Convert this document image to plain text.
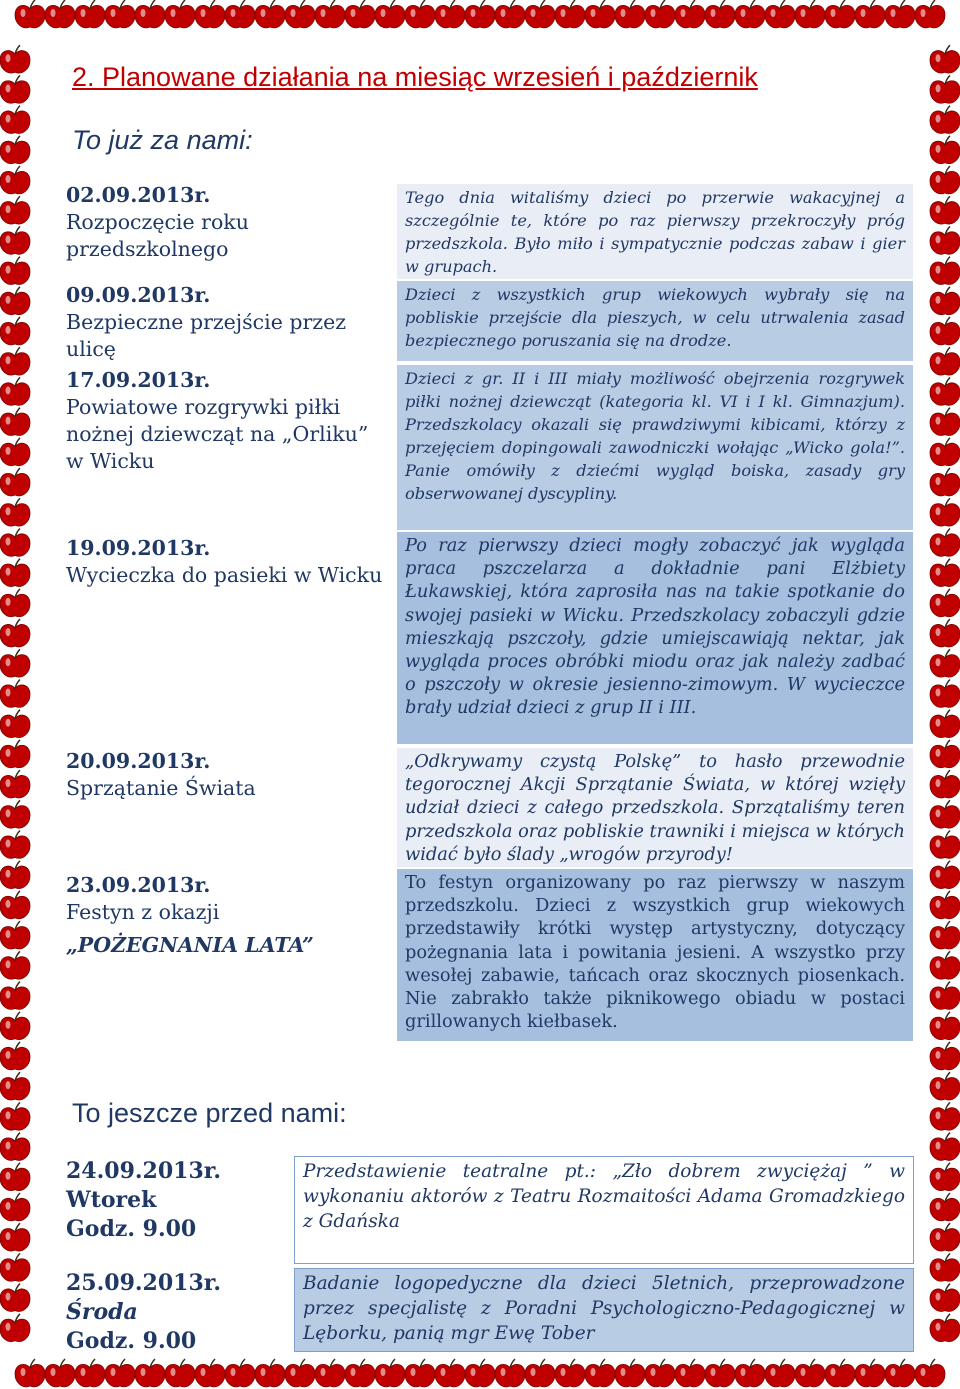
2. Planowane działania na miesiąc wrzesień i październik
To już za nami:
02.09.2013r.
Rozpoczęcie roku przedszkolnego
09.09.2013r.
Bezpieczne przejście przez ulicę
17.09.2013r.
Powiatowe rozgrywki piłki nożnej dziewcząt na „Orliku” w Wicku
19.09.2013r.
Wycieczka do pasieki w Wicku
20.09.2013r.
Sprzątanie Świata
23.09.2013r.
Festyn z okazji
„POŻEGNANIA LATA”
Tego dnia witaliśmy dzieci po przerwie wakacyjnej a szczególnie te, które po raz pierwszy przekroczyły próg przedszkola. Było miło i sympatycznie podczas zabaw i gier w grupach.
Dzieci z wszystkich grup wiekowych wybrały się na pobliskie przejście dla pieszych, w celu utrwalenia zasad bezpiecznego poruszania się na drodze.
Dzieci z gr. II i III miały możliwość obejrzenia rozgrywek piłki nożnej dziewcząt (kategoria kl. VI i I kl. Gimnazjum). Przedszkolacy okazali się prawdziwymi kibicami, którzy z przejęciem dopingowali zawodniczki wołając „Wicko gola!”. Panie omówiły z dziećmi wygląd boiska, zasady gry obserwowanej dyscypliny.
Po raz pierwszy dzieci mogły zobaczyć jak wygląda praca pszczelarza a dokładnie pani Elżbiety Łukawskiej, która zaprosiła nas na takie spotkanie do swojej pasieki w Wicku. Przedszkolacy zobaczyli gdzie mieszkają pszczoły, gdzie umiejscawiają nektar, jak wygląda proces obróbki miodu oraz jak należy zadbać o pszczoły w okresie jesienno-zimowym. W wycieczce brały udział dzieci z grup II i III.
„Odkrywamy czystą Polskę” to hasło przewodnie tegorocznej Akcji Sprzątanie Świata, w której wzięły udział dzieci z całego przedszkola. Sprzątaliśmy teren przedszkola oraz pobliskie trawniki i miejsca w których widać było ślady „wrogów przyrody!
To festyn organizowany po raz pierwszy w naszym przedszkolu. Dzieci z wszystkich grup wiekowych przedstawiły krótki występ artystyczny, dotyczący pożegnania lata i powitania jesieni. A wszystko przy wesołej zabawie, tańcach oraz skocznych piosenkach. Nie zabrakło także piknikowego obiadu w postaci grillowanych kiełbasek.
To jeszcze przed nami:
24.09.2013r.
Wtorek
Godz. 9.00
Przedstawienie teatralne pt.: „Zło dobrem zwyciężaj ” w wykonaniu aktorów z Teatru Rozmaitości Adama Gromadzkiego z Gdańska
25.09.2013r.
Środa
Godz. 9.00
Badanie logopedyczne dla dzieci 5letnich, przeprowadzone przez specjalistę z Poradni Psychologiczno-Pedagogicznej w Lęborku, panią mgr Ewę Tober
